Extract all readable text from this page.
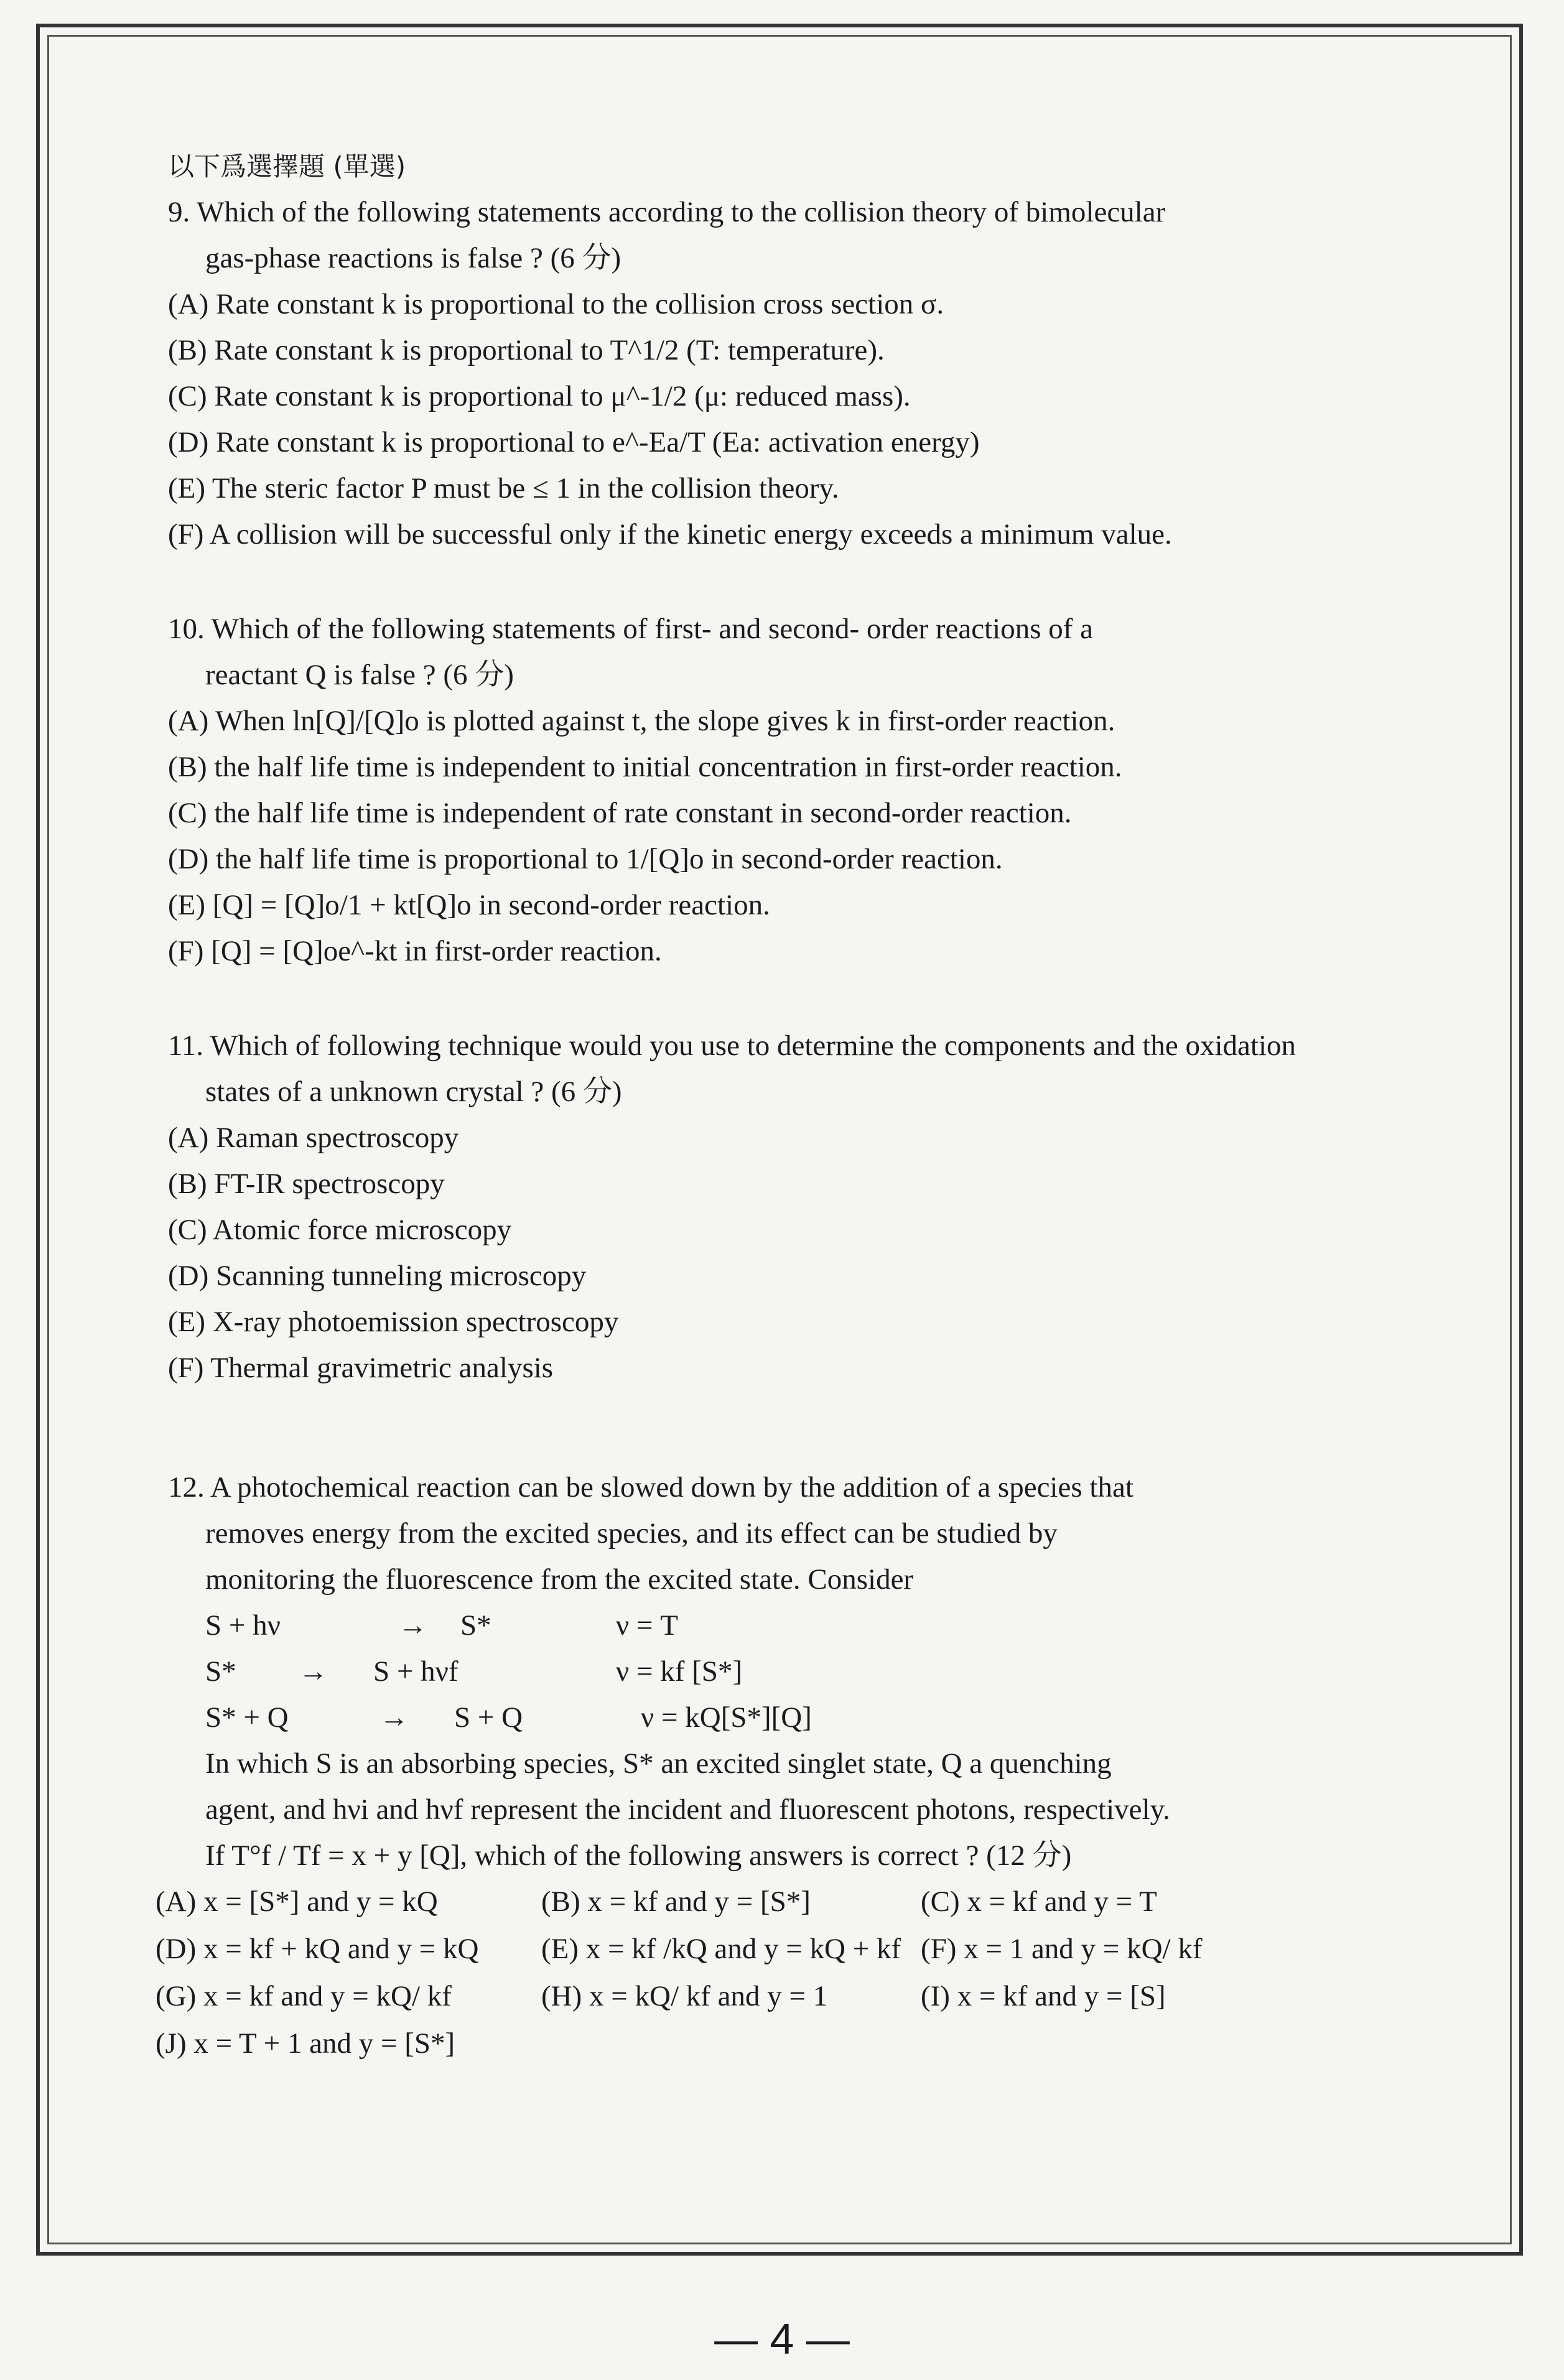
以下爲選擇題 (單選)
9. Which of the following statements according to the collision theory of bimolecular
gas-phase reactions is false ? (6 分)
(A) Rate constant k is proportional to the collision cross section σ.
(B) Rate constant k is proportional to T^1/2 (T: temperature).
(C) Rate constant k is proportional to μ^-1/2 (μ: reduced mass).
(D) Rate constant k is proportional to e^-Ea/T (Ea: activation energy)
(E) The steric factor P must be ≤ 1 in the collision theory.
(F) A collision will be successful only if the kinetic energy exceeds a minimum value.
10. Which of the following statements of first- and second- order reactions of a
reactant Q is false ? (6 分)
(A) When ln[Q]/[Q]o is plotted against t, the slope gives k in first-order reaction.
(B) the half life time is independent to initial concentration in first-order reaction.
(C) the half life time is independent of rate constant in second-order reaction.
(D) the half life time is proportional to 1/[Q]o in second-order reaction.
(E) [Q] = [Q]o/1 + kt[Q]o in second-order reaction.
(F) [Q] = [Q]oe^-kt in first-order reaction.
11. Which of following technique would you use to determine the components and the oxidation
states of a unknown crystal ? (6 分)
(A) Raman spectroscopy
(B) FT-IR spectroscopy
(C) Atomic force microscopy
(D) Scanning tunneling microscopy
(E) X-ray photoemission spectroscopy
(F) Thermal gravimetric analysis
12. A photochemical reaction can be slowed down by the addition of a species that
removes energy from the excited species, and its effect can be studied by
monitoring the fluorescence from the excited state. Consider
S + hν	→ S*	ν = T
S* → S + hνf	ν = kf [S*]
S* + Q	→ S + Q	ν = kQ[S*][Q]
In which S is an absorbing species, S* an excited singlet state, Q a quenching
agent, and hνi and hνf represent the incident and fluorescent photons, respectively.
If T°f / Tf = x + y [Q], which of the following answers is correct ? (12 分)
(A) x = [S*] and y = kQ	(B) x = kf and y = [S*]	(C) x = kf and y = T
(D) x = kf + kQ and y = kQ (E) x = kf /kQ and y = kQ + kf (F) x = 1 and y = kQ/ kf
(G) x = kf and y = kQ/ kf	(H) x = kQ/ kf and y = 1	(I) x = kf and y = [S]
(J) x = T + 1 and y = [S*]
— 4 —
